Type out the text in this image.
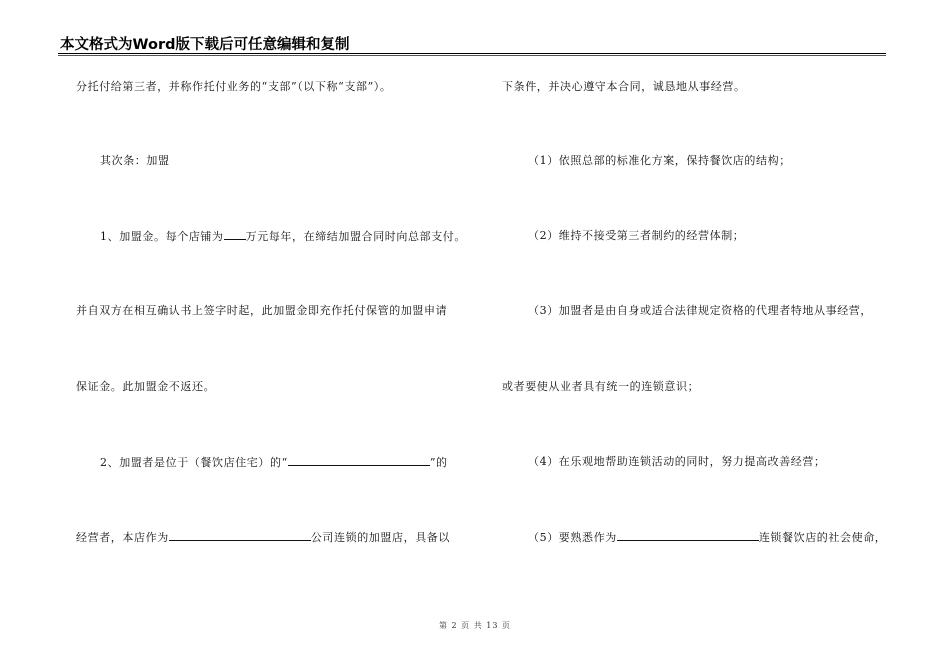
本文格式为Word版下载后可任意编辑和复制
分托付给第三者，并称作托付业务的“支部”（以下称“支部”）。
其次条：加盟
1、加盟金。每个店铺为 万元每年，在缔结加盟合同时向总部支付。
并自双方在相互确认书上签字时起，此加盟金即充作托付保管的加盟申请
保证金。此加盟金不返还。
2、加盟者是位于（餐饮店住宅）的“	”的
经营者，本店作为	公司连锁的加盟店，具备以
下条件，并决心遵守本合同，诚恳地从事经营。
（1）依照总部的标准化方案，保持餐饮店的结构；
（2）维持不接受第三者制约的经营体制；
（3）加盟者是由自身或适合法律规定资格的代理者特地从事经营，
或者要使从业者具有统一的连锁意识；
（4）在乐观地帮助连锁活动的同时，努力提高改善经营；
（5）要熟悉作为	连锁餐饮店的社会使命，
第 2 页 共 13 页
